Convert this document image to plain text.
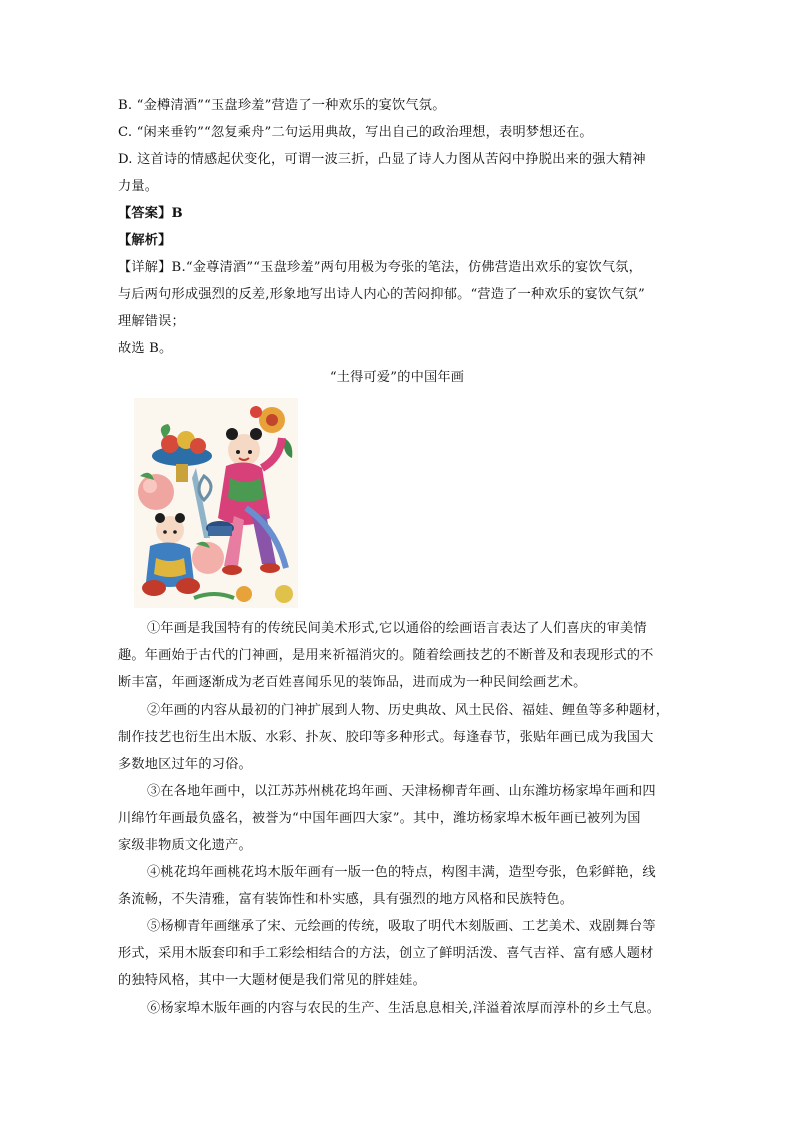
B. “金樽清酒”“玉盘珍羞”营造了一种欢乐的宴饮气氛。
C. “闲来垂钓”“忽复乘舟”二句运用典故，写出自己的政治理想，表明梦想还在。
D. 这首诗的情感起伏变化，可谓一波三折，凸显了诗人力图从苦闷中挣脱出来的强大精神
力量。
【答案】B
【解析】
【详解】B.“金尊清酒”“玉盘珍羞”两句用极为夸张的笔法，仿佛营造出欢乐的宴饮气氛，
与后两句形成强烈的反差,形象地写出诗人内心的苦闷抑郁。“营造了一种欢乐的宴饮气氛”
理解错误；
故选 B。
“土得可爱”的中国年画
①年画是我国特有的传统民间美术形式,它以通俗的绘画语言表达了人们喜庆的审美情
趣。年画始于古代的门神画，是用来祈福消灾的。随着绘画技艺的不断普及和表现形式的不
断丰富，年画逐渐成为老百姓喜闻乐见的装饰品，进而成为一种民间绘画艺术。
②年画的内容从最初的门神扩展到人物、历史典故、风土民俗、福娃、鲤鱼等多种题材，
制作技艺也衍生出木版、水彩、扑灰、胶印等多种形式。每逢春节，张贴年画已成为我国大
多数地区过年的习俗。
③在各地年画中，以江苏苏州桃花坞年画、天津杨柳青年画、山东潍坊杨家埠年画和四
川绵竹年画最负盛名，被誉为“中国年画四大家”。其中，潍坊杨家埠木板年画已被列为国
家级非物质文化遗产。
④桃花坞年画桃花坞木版年画有一版一色的特点，构图丰满，造型夸张，色彩鲜艳，线
条流畅，不失清雅，富有装饰性和朴实感，具有强烈的地方风格和民族特色。
⑤杨柳青年画继承了宋、元绘画的传统，吸取了明代木刻版画、工艺美术、戏剧舞台等
形式，采用木版套印和手工彩绘相结合的方法，创立了鲜明活泼、喜气吉祥、富有感人题材
的独特风格，其中一大题材便是我们常见的胖娃娃。
⑥杨家埠木版年画的内容与农民的生产、生活息息相关,洋溢着浓厚而淳朴的乡土气息。
